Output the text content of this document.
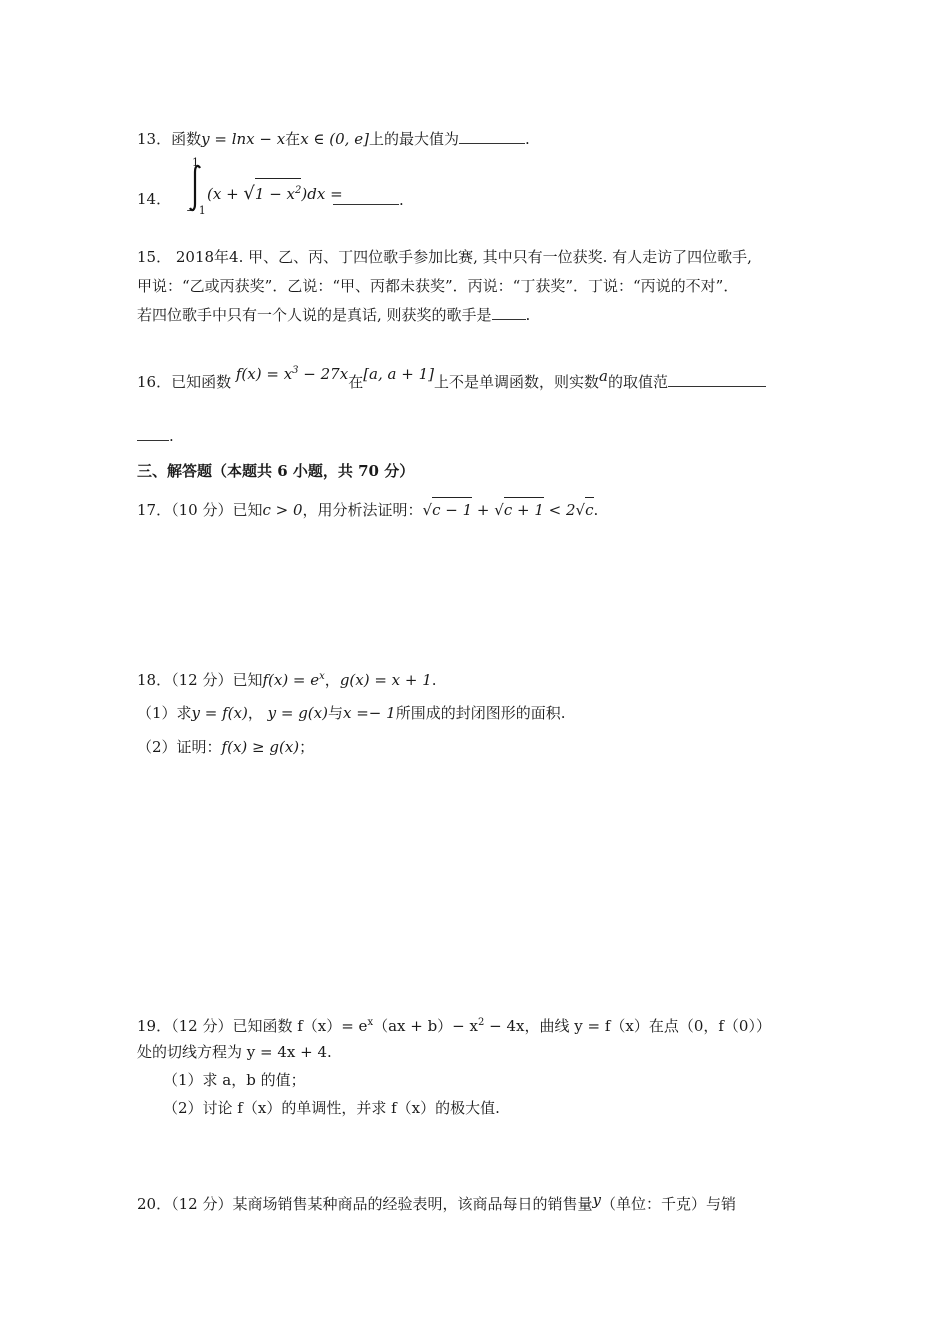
13．函数y = lnx − x在x ∈ (0, e]上的最大值为	.
14．
1
− 1
$(x + √1 - x^2)dx$ =	.
15． 2018年4. 甲、乙、丙、丁四位歌手参加比赛, 其中只有一位获奖. 有人走访了四位歌手,
甲说：“乙或丙获奖”．乙说：“甲、丙都未获奖”．丙说：“丁获奖”．丁说：“丙说的不对”．
若四位歌手中只有一个人说的是真话, 则获奖的歌手是 .
16．已知函数 $f(x) = x^3 - 27x$在[a, a + 1]上不是单调函数，则实数a的取值范
.
三、解答题（本题共 6 小题，共 70 分）
17．（10 分）已知c > 0，用分析法证明：√c − 1 + √c + 1 < 2√c.
18．（12 分）已知$f(x) = e^x$，g(x) = x + 1.
（1）求y = f(x)， y = g(x)与x =− 1所围成的封闭图形的面积.
（2）证明：f(x) ≥ g(x)；
19．（12 分）已知函数 $f(x)= e^x(ax + b)- x^2 - 4x$，曲线 y = f（x）在点（0，f（0））
处的切线方程为 y = 4x + 4.
（1）求 a，b 的值；
（2）讨论 f（x）的单调性，并求 f（x）的极大值.
20．（12 分）某商场销售某种商品的经验表明，该商品每日的销售量y（单位：千克）与销
